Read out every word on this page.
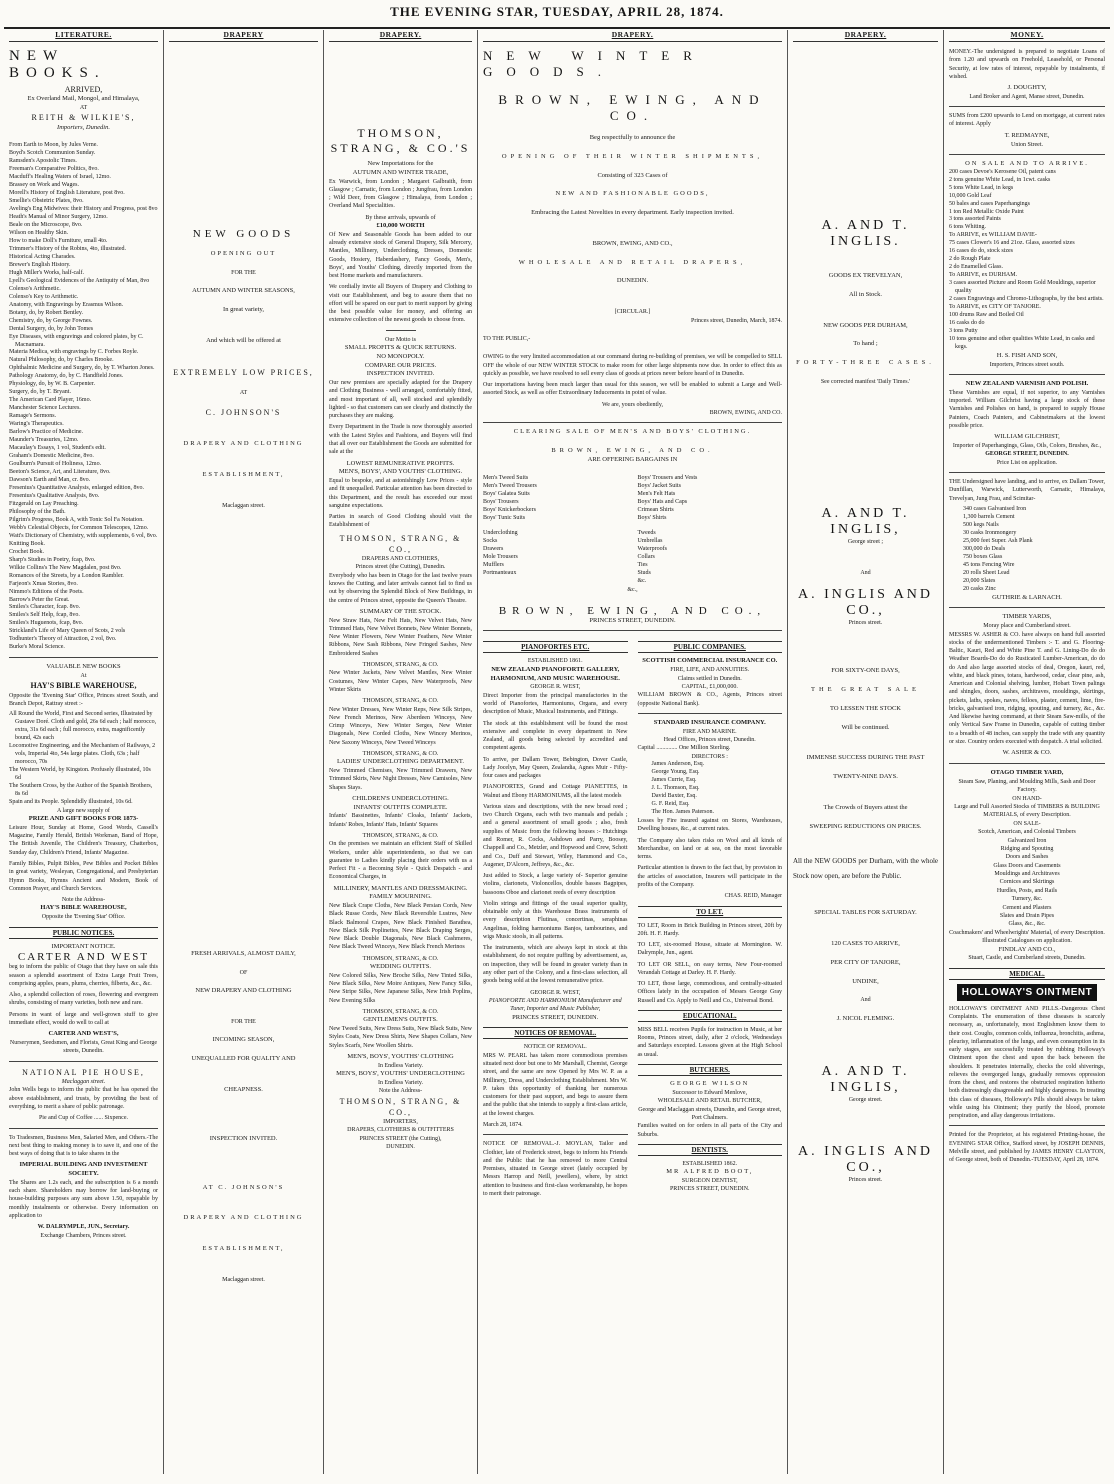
THE EVENING STAR, TUESDAY, APRIL 28, 1874.
LITERATURE.
NEW BOOKS.
ARRIVED,
Ex Overland Mail, Mongol, and Himalaya,
AT
REITH & WILKIE'S,
Importers, Dunedin.
From Earth to Moon, by Jules Verne.
Boyd's Scotch Communion Sunday.
Ramsden's Apostolic Times.
Freeman's Comparative Politics, 8vo.
Macduff's Healing Waters of Israel, 12mo.
Brassey on Work and Wages.
Morell's History of English Literature, post 8vo.
Smellie's Obstetric Plates, 8vo.
Aveling's Eng Midwives: their History and Progress, post 8vo
Heath's Manual of Minor Surgery, 12mo.
Beale on the Microscope, 8vo.
Wilson on Healthy Skin.
How to make Doll's Furniture, small 4to.
Trimmer's History of the Robins, 4to, illustrated.
Historical Acting Charades.
Brewer's English History.
Hugh Miller's Works, half-calf.
Lyell's Geological Evidences of the Antiquity of Man, 8vo
Colenso's Arithmetic.
Colenso's Key to Arithmetic.
Anatomy, with Engravings by Erasmus Wilson.
Botany, do, by Robert Bentley.
Chemistry, do, by George Fownes.
Dental Surgery, do, by John Tomes
Eye Diseases, with engravings and colored plates, by C. Macnamara.
Materia Medica, with engravings by C. Forbes Royle.
Natural Philosophy, do, by Charles Brooke.
Ophthalmic Medicine and Surgery, do, by T. Wharton Jones.
Pathology Anatomy, do, by C. Handfield Jones.
Physiology, do, by W. B. Carpenter.
Surgery, do, by T. Bryant.
The American Card Player, 16mo.
Manchester Science Lectures.
Ramage's Sermons.
Waring's Therapeutics.
Barlow's Practice of Medicine.
Maunder's Treasuries, 12mo.
Macaulay's Essays, 1 vol, Student's edit.
Graham's Domestic Medicine, 8vo.
Goulburn's Pursuit of Holiness, 12mo.
Beeton's Science, Art, and Literature, 8vo.
Dawson's Earth and Man, cr. 8vo.
Fresenius's Quantitative Analysis, enlarged edition, 8vo.
Fresenius's Qualitative Analysis, 8vo.
Fitzgerald on Lay Preaching.
Philosophy of the Bath.
Pilgrim's Progress, Book A, with Tonic Sol Fa Notation.
Webb's Celestial Objects, for Common Telescopes, 12mo.
Watt's Dictionary of Chemistry, with supplements, 6 vol, 8vo.
Knitting Book.
Crochet Book.
Sharp's Studies in Poetry, fcap, 8vo.
Wilkie Collins's The New Magdalen, post 8vo.
Romances of the Streets, by a London Rambler.
Farjeon's Xmas Stories, 8vo.
Nimmo's Editions of the Poets.
Barrow's Peter the Great.
Smiles's Character, fcap. 8vo.
Smiles's Self Help, fcap, 8vo.
Smiles's Huguenots, fcap, 8vo.
Strickland's Life of Mary Queen of Scots, 2 vols
Todhunter's Theory of Attraction, 2 vol, 8vo.
Burke's Moral Science.
VALUABLE NEW BOOKS
At
HAY'S BIBLE WAREHOUSE,

Opposite the 'Evening Star' Office, Princes street South, and Branch Depot, Rattray street :-

All Round the World, First and Second series, Illustrated by Gustave Doré. Cloth and gold, 26s 6d each ; half morocco, extra, 31s 6d each ; full morocco, extra, magnificently bound, 42s each
Locomotive Engineering, and the Mechanism of Railways, 2 vols, Imperial 4to, 54s large plates. Cloth, 63s ; half morocco, 70s
The Western World, by Kingston. Profusely illustrated, 10s 6d
The Southern Cross, by the Author of the Spanish Brothers, 8s 6d
Spain and its People. Splendidly illustrated, 10s 6d.
A large new supply of
PRIZE AND GIFT BOOKS FOR 1873-

Leisure Hour, Sunday at Home, Good Words, Cassell's Magazine, Family Herald, British Workman, Band of Hope, The British Juvenile, The Children's Treasury, Chatterbox, Sunday day, Children's Friend, Infants' Magazine.

Family Bibles, Pulpit Bibles, Pew Bibles and Pocket Bibles in great variety, Wesleyan, Congregational, and Presbyterian Hymn Books, Hymns Ancient and Modern, Book of Common Prayer, and Church Services.

Note the Address-
HAY'S BIBLE WAREHOUSE,
Opposite the 'Evening Star' Office.
PUBLIC NOTICES.
IMPORTANT NOTICE.
CARTER AND WEST

beg to inform the public of Otago that they have on sale this season a splendid assortment of Extra Large Fruit Trees, comprising apples, pears, plums, cherries, filberts, &c., &c.

Also, a splendid collection of roses, flowering and evergreen shrubs, consisting of many varieties, both new and rare.

Persons in want of large and well-grown stuff to give immediate effect, would do well to call at

CARTER AND WEST'S,
Nurserymen, Seedsmen, and Florists, Great King and George streets, Dunedin.
NATIONAL PIE HOUSE,
Maclaggan street.

John Wells begs to inform the public that he has opened the above establishment, and trusts, by providing the best of everything, to merit a share of public patronage.

Pie and Cup of Coffee ...... Sixpence.

To Tradesmen, Business Men, Salaried Men, and Others.-The next best thing to making money is to save it, and one of the best ways of doing that is to take shares in the

IMPERIAL BUILDING AND INVESTMENT SOCIETY.

The Shares are 1.2s each, and the subscription is 6 a month each share. Shareholders may borrow for land-buying or house-building purposes any sum above 1.50, repayable by monthly instalments or otherwise. Every information on application to

W. DALRYMPLE, JUN., Secretary.
Exchange Chambers, Princes street.
DRAPERY
NEW GOODS
OPENING OUT
FOR THE
AUTUMN AND WINTER SEASONS,
In great variety,
And which will be offered at
EXTREMELY LOW PRICES,
AT
C. JOHNSON'S
DRAPERY AND CLOTHING
ESTABLISHMENT,
Maclaggan street.
FRESH ARRIVALS, ALMOST DAILY,
OF
NEW DRAPERY AND CLOTHING
FOR THE
INCOMING SEASON,
UNEQUALLED FOR QUALITY AND
CHEAPNESS.
INSPECTION INVITED.
AT C. JOHNSON'S
DRAPERY AND CLOTHING
ESTABLISHMENT,
Maclaggan street.
DRAPERY.
THOMSON, STRANG, & CO.'S
New Importations for the
AUTUMN AND WINTER TRADE,

Ex Warwick, from London ; Margaret Galbraith, from Glasgow ; Carnatic, from London ; Jungfrau, from London ; Wild Deer, from Glasgow ; Himalaya, from London ; Overland Mail Specialities.

By these arrivals, upwards of
£10,000 WORTH

Of New and Seasonable Goods has been added to our already extensive stock of General Drapery, Silk Mercery, Mantles, Millinery, Underclothing, Dresses, Domestic Goods, Hosiery, Haberdashery, Fancy Goods, Men's, Boys', and Youths' Clothing, directly imported from the best Home markets and manufacturers.

We cordially invite all Buyers of Drapery and Clothing to visit our Establishment, and beg to assure them that no effort will be spared on our part to merit support by giving the best possible value for money, and offering an extensive collection of the newest goods to choose from.

Our Motto is
SMALL PROFITS & QUICK RETURNS.
NO MONOPOLY.
COMPARE OUR PRICES.
INSPECTION INVITED.

Our new premises are specially adapted for the Drapery and Clothing Business - well arranged, comfortably fitted, and most important of all, well stocked and splendidly lighted - so that customers can see clearly and distinctly the purchases they are making.

Every Department in the Trade is now thoroughly assorted with the Latest Styles and Fashions, and Buyers will find that all over our Establishment the Goods are submitted for sale at the

LOWEST REMUNERATIVE PROFITS.
MEN'S, BOYS', AND YOUTHS' CLOTHING.

Equal to bespoke, and at astonishingly Low Prices - style and fit unequalled. Particular attention has been directed to this Department, and the result has exceeded our most sanguine expectations.

Parties in search of Good Clothing should visit the Establishment of

THOMSON, STRANG, & CO.,
DRAPERS AND CLOTHIERS,
Princes street (the Cutting), Dunedin.

Everybody who has been in Otago for the last twelve years knows the Cutting, and later arrivals cannot fail to find us out by observing the Splendid Block of New Buildings, in the centre of Princes street, opposite the Queen's Theatre.

SUMMARY OF THE STOCK.

New Straw Hats, New Felt Hats, New Velvet Hats, New Trimmed Hats, New Velvet Bonnets, New Winter Bonnets, New Winter Flowers, New Winter Feathers, New Winter Ribbons, New Sash Ribbons, New Fringed Sashes, New Embroidered Sashes

THOMSON, STRANG, & CO.

New Winter Jackets, New Velvet Mantles, New Winter Costumes, New Winter Capes, New Waterproofs, New Winter Skirts

THOMSON, STRANG, & CO.

New Winter Dresses, New Winter Reps, New Silk Stripes, New French Merinos, New Aberdeen Winceys, New Crimp Winceys, New Winter Serges, New Winter Diagonals, New Corded Cloths, New Wincey Merinos, New Saxony Winceys, New Tweed Winceys

THOMSON, STRANG, & CO.
LADIES' UNDERCLOTHING DEPARTMENT.

New Trimmed Chemises, New Trimmed Drawers, New Trimmed Skirts, New Night Dresses, New Camisoles, New Shapes Stays.

CHILDREN'S UNDERCLOTHING.
INFANTS' OUTFITS COMPLETE.

Infants' Bassinettes, Infants' Cloaks, Infants' Jackets, Infants' Robes, Infants' Hats, Infants' Squares

THOMSON, STRANG, & CO.

On the premises we maintain an efficient Staff of Skilled Workers, under able superintendents, so that we can guarantee to Ladies kindly placing their orders with us a Perfect Fit - a Becoming Style - Quick Despatch - and Economical Charges, in

MILLINERY, MANTLES AND DRESSMAKING.
FAMILY MOURNING.

New Black Crape Cloths, New Black Persian Cords, New Black Russe Cords, New Black Reversible Lustres, New Black Balmoral Crapes, New Black Finished Barathea, New Black Silk Poplinettes, New Black Draping Serges, New Black Double Diagonals, New Black Cashmeres, New Black Tweed Winceys, New Black French Merinos

THOMSON, STRANG, & CO.
WEDDING OUTFITS.

New Colored Silks, New Broche Silks, New Tinted Silks, New Black Silks, New Moire Antiques, New Fancy Silks, New Stripe Silks, New Japanese Silks, New Irish Poplins, New Evening Silks

THOMSON, STRANG, & CO.
GENTLEMEN'S OUTFITS.

New Tweed Suits, New Dress Suits, New Black Suits, New Styles Coats, New Dress Shirts, New Shapes Collars, New Styles Scarfs, New Woollen Shirts.

MEN'S, BOYS', YOUTHS' CLOTHING
In Endless Variety.
MEN'S, BOYS', YOUTHS' UNDERCLOTHING
In Endless Variety.
Note the Address-
THOMSON, STRANG, & CO.,
IMPORTERS,
DRAPERS, CLOTHIERS & OUTFITTERS
PRINCES STREET (the Cutting),
DUNEDIN.
DRAPERY.
NEW WINTER GOODS.
BROWN, EWING, AND CO.
Beg respectfully to announce the
OPENING OF THEIR WINTER SHIPMENTS,
Consisting of 323 Cases of
NEW AND FASHIONABLE GOODS,
Embracing the Latest Novelties in every department. Early inspection invited.
BROWN, EWING, AND CO.,
WHOLESALE AND RETAIL DRAPERS,
DUNEDIN.
[CIRCULAR.]
Princes street, Dunedin, March, 1874.
TO THE PUBLIC,-

OWING to the very limited accommodation at our command during re-building of premises, we will be compelled to SELL OFF the whole of our NEW WINTER STOCK to make room for other large shipments now due. In order to effect this as quickly as possible, we have resolved to sell every class of goods at prices never before heard of in Dunedin.

Our importations having been much larger than usual for this season, we will be enabled to submit a Large and Well-assorted Stock, as well as offer Extraordinary Inducements in point of value.

We are, yours obediently,
BROWN, EWING, AND CO.
CLEARING SALE OF MEN'S AND BOYS' CLOTHING.
BROWN, EWING, AND CO.
ARE OFFERING BARGAINS IN
Men's Tweed Suits
Men's Tweed Trousers
Boys' Galatea Suits
Boys' Trousers
Boys' Knickerbockers
Boys' Tunic Suits

Underclothing
Socks
Drawers
Mole Trousers
Mufflers
Portmanteaux
Boys' Trousers and Vests
Boys' Jacket Suits
Men's Felt Hats
Boys' Hats and Caps
Crimean Shirts
Boys' Shirts

Tweeds
Umbrellas
Waterproofs
Collars
Ties
Studs
&c.
&c.,
BROWN, EWING, AND CO.,
PRINCES STREET, DUNEDIN.
PIANOFORTES ETC.
ESTABLISHED 1861.
NEW ZEALAND PIANOFORTE GALLERY, HARMONIUM, AND MUSIC WAREHOUSE.
GEORGE R. WEST,

Direct Importer from the principal manufactories in the world of Pianofortes, Harmoniums, Organs, and every description of Music, Musical Instruments, and Fittings.

The stock at this establishment will be found the most extensive and complete in every department in New Zealand, all goods being selected by accredited and competent agents.

To arrive, per Dallam Tower, Bebington, Dover Castle, Lady Jocelyn, May Queen, Zealandia, Agnes Muir - Fifty-four cases and packages

PIANOFORTES, Grand and Cottage PIANETTES, in Walnut and Ebony HARMONIUMS, all the latest models

Various sizes and descriptions, with the new broad reed ; two Church Organs, each with two manuals and pedals ; and a general assortment of small goods ; also, fresh supplies of Music from the following houses :- Hutchings and Romer, R. Cocks, Ashdown and Parry, Boosey, Chappell and Co., Metzler, and Hopwood and Crew, Schott and Co., Duff and Stewart, Wiley, Hammond and Co., Augener, D'Alcorn, Jeffreys, &c., &c.

Just added to Stock, a large variety of- Superior genuine violins, clarionets, Violoncellos, double basses Bagpipes, bassoons Oboe and clarionet reeds of every description

Violin strings and fittings of the usual superior quality, obtainable only at this Warehouse Brass instruments of every description Flutinas, concertinas, seraphinas Angelinas, folding harmoniums Banjos, tambourines, and wigs Music stools, in all patterns.

The instruments, which are always kept in stock at this establishment, do not require puffing by advertisement, as, on inspection, they will be found in greater variety than in any other part of the Colony, and a first-class selection, all goods being sold at the lowest remunerative price.

GEORGE R. WEST,
PIANOFORTE AND HARMONIUM Manufacturer and Tuner, Importer and Music Publisher,
PRINCES STREET, DUNEDIN.
NOTICES OF REMOVAL.
NOTICE OF REMOVAL.

MRS W. PEARL has taken more commodious premises situated next door but one to Mr Marshall, Chemist, George street, and the same are now Opened by Mrs W. P. as a Millinery, Dress, and Underclothing Establishment. Mrs W. P. takes this opportunity of thanking her numerous customers for their past support, and begs to assure them and the public that she intends to supply a first-class article, at the lowest charges.

March 28, 1874.

NOTICE OF REMOVAL.-J. MOYLAN, Tailor and Clothier, late of Frederick street, begs to inform his Friends and the Public that he has removed to more Central Premises, situated in George street (lately occupied by Messrs Harrop and Neill, jewellers), where, by strict attention to business and first-class workmanship, he hopes to merit their patronage.

PUBLIC COMPANIES.
SCOTTISH COMMERCIAL INSURANCE CO.
FIRE, LIFE, AND ANNUITIES.
Claims settled in Dunedin.
CAPITAL, £1,000,000.

WILLIAM BROWN & CO., Agents, Princes street (opposite National Bank).

STANDARD INSURANCE COMPANY.
FIRE AND MARINE.
Head Offices, Princes street, Dunedin.
Capital .............. One Million Sterling.
DIRECTORS :
James Anderson, Esq.
George Young, Esq.
James Currie, Esq.
J. L. Thomson, Esq.
David Baxter, Esq.
G. F. Reid, Esq.
The Hon. James Paterson.

Losses by Fire insured against on Stores, Warehouses, Dwelling houses, &c., at current rates.

The Company also takes risks on Wool and all kinds of Merchandise, on land or at sea, on the most favorable terms.

Particular attention is drawn to the fact that, by provision in the articles of association, Insurers will participate in the profits of the Company.

CHAS. REID, Manager
TO LET.

TO LET, Room in Brick Building in Princes street, 20ft by 20ft. H. F. Hardy.

TO LET, six-roomed House, situate at Mornington. W. Dalrymple, Jun., agent.

TO LET OR SELL, on easy terms, New Four-roomed Verandah Cottage at Darley. H. F. Hardy.

TO LET, those large, commodious, and centrally-situated Offices lately in the occupation of Messrs George Gray Russell and Co. Apply to Neill and Co., Universal Bond.

EDUCATIONAL.

MISS BELL receives Pupils for instruction in Music, at her Rooms, Princes street, daily, after 2 o'clock, Wednesdays and Saturdays excepted. Lessons given at the High School as usual.

BUTCHERS.
GEORGE WILSON
Successor to Edward Menlove,
WHOLESALE AND RETAIL BUTCHER,
George and Maclaggan streets, Dunedin, and George street, Port Chalmers.

Families waited on for orders in all parts of the City and Suburbs.

DENTISTS.
ESTABLISHED 1862.
MR ALFRED BOOT,
SURGEON DENTIST,
PRINCES STREET, DUNEDIN.
DRAPERY.
A. AND T. INGLIS.
GOODS EX TREVELYAN,
All in Stock.
NEW GOODS PER DURHAM,
To hand ;
FORTY-THREE CASES.
See corrected manifest 'Daily Times.'
A. AND T. INGLIS,
George street ;
And
A. INGLIS AND CO.,
Princes street.
FOR SIXTY-ONE DAYS,
THE GREAT SALE
TO LESSEN THE STOCK
Will be continued.
IMMENSE SUCCESS DURING THE PAST
TWENTY-NINE DAYS.
The Crowds of Buyers attest the
SWEEPING REDUCTIONS ON PRICES.

All the NEW GOODS per Durham, with the whole Stock now open, are before the Public.

SPECIAL TABLES FOR SATURDAY.
120 CASES TO ARRIVE,
PER CITY OF TANJORE,
UNDINE,
And
J. NICOL FLEMING.
A. AND T. INGLIS,
George street.
A. INGLIS AND CO.,
Princes street.
MONEY.

MONEY.-The undersigned is prepared to negotiate Loans of from 1.20 and upwards on Freehold, Leasehold, or Personal Security, at low rates of interest, repayable by instalments, if wished.

J. DOUGHTY,
Land Broker and Agent, Manse street, Dunedin.

SUMS from £200 upwards to Lend on mortgage, at current rates of interest. Apply

T. REDMAYNE,
Union Street.
ON SALE AND TO ARRIVE.
200 cases Devoe's Kerosene Oil, patent cans
2 tons genuine White Lead, in 1cwt. casks
5 tons White Lead, in kegs
10,000 Gold Leaf
50 bales and cases Paperhangings
1 ton Red Metallic Oxide Paint
3 tons assorted Paints
6 tons Whiting.
To ARRIVE, ex WILLIAM DAVIE-
75 cases Clower's 16 and 21oz. Glass, assorted sizes
16 cases do do, stock sizes
2 do Rough Plate
2 do Enamelled Glass.
To ARRIVE, ex DURHAM.
3 cases assorted Picture and Room Gold Mouldings, superior quality
2 cases Engravings and Chromo-Lithographs, by the best artists.
To ARRIVE, ex CITY OF TANJORE.
100 drums Raw and Boiled Oil
16 casks do do
3 tons Putty
10 tons genuine and other qualities White Lead, in casks and kegs.
H. S. FISH AND SON,
Importers, Princes street south.
NEW ZEALAND VARNISH AND POLISH.

These Varnishes are equal, if not superior, to any Varnishes imported. William Gilchrist having a large stock of these Varnishes and Polishes on hand, is prepared to supply House Painters, Coach Painters, and Cabinetmakers at the lowest possible price.

WILLIAM GILCHRIST,
Importer of Paperhangings, Glass, Oils, Colors, Brushes, &c.,
GEORGE STREET, DUNEDIN.
Price List on application.

THE Undersigned have landing, and to arrive, ex Dallam Tower, Dunfillan, Warwick, Lutterworth, Carnatic, Himalaya, Trevelyan, Jung Frau, and Scimitar-

340 cases Galvanised Iron
1,300 barrels Cement
500 kegs Nails
30 casks Ironmongery
25,000 feet Super. Ash Plank
300,000 do Deals
750 boxes Glass
45 tons Fencing Wire
20 rolls Sheet Lead
20,000 Slates
20 casks Zinc
GUTHRIE & LARNACH.
TIMBER YARDS,
Moray place and Cumberland street.

MESSRS W. ASHER & CO. have always on hand full assorted stocks of the undermentioned Timbers :- T. and G. Flooring-Baltic, Kauri, Red and White Pine T. and G. Lining-Do do do Weather Boards-Do do do Rusticated Lumber-American, do do do And also large assorted stocks of deal, Oregon, kauri, red, white, and black pines, totara, hardwood, cedar, clear pine, ash, American and Colonial shelving, lumber, Hobart Town palings and shingles, doors, sashes, architraves, mouldings, skirtings, pickets, laths, spokes, naves, felloes, plaster, cement, lime, fire-bricks, galvanised iron, ridging, spouting, and turnery, &c., &c. And likewise having command, at their Steam Saw-mills, of the only Vertical Saw Frame in Dunedin, capable of cutting timber to a breadth of 48 inches, can supply the trade with any quantity or size. Country orders executed with despatch. A trial solicited.

W. ASHER & CO.
OTAGO TIMBER YARD,
Steam Saw, Planing, and Moulding Mills, Sash and Door Factory.
ON HAND-
Large and Full Assorted Stocks of TIMBERS & BUILDING MATERIALS, of every Description.
ON SALE-
Scotch, American, and Colonial Timbers
Galvanized Iron
Ridging and Spouting
Doors and Sashes
Glass Doors and Casements
Mouldings and Architraves
Cornices and Skirtings
Hurdles, Posts, and Rails
Turnery, &c.
Cement and Plasters
Slates and Drain Pipes
Glass, &c., &c.
Coachmakers' and Wheelwrights' Material, of every Description.
Illustrated Catalogues on application.
FINDLAY AND CO.,
Stuart, Castle, and Cumberland streets, Dunedin.
MEDICAL.
HOLLOWAY'S OINTMENT

HOLLOWAY'S OINTMENT AND PILLS.-Dangerous Chest Complaints. The enumeration of these diseases is scarcely necessary, as, unfortunately, most Englishmen know them to their cost. Coughs, common colds, influenza, bronchitis, asthma, pleurisy, inflammation of the lungs, and even consumption in its early stages, are successfully treated by rubbing Holloway's Ointment upon the chest and upon the back between the shoulders. It penetrates internally, checks the cold shiverings, relieves the overgorged lungs, gradually removes oppression from the chest, and restores the obstructed respiration hitherto both distressingly disagreeable and highly dangerous. In treating this class of diseases, Holloway's Pills should always be taken while using his Ointment; they purify the blood, promote perspiration, and allay dangerous irritations.

Printed for the Proprietor, at his registered Printing-house, the EVENING STAR Office, Stafford street, by JOSEPH DENNIS, Melville street, and published by JAMES HENRY CLAYTON, of George street, both of Dunedin.-TUESDAY, April 28, 1874.
